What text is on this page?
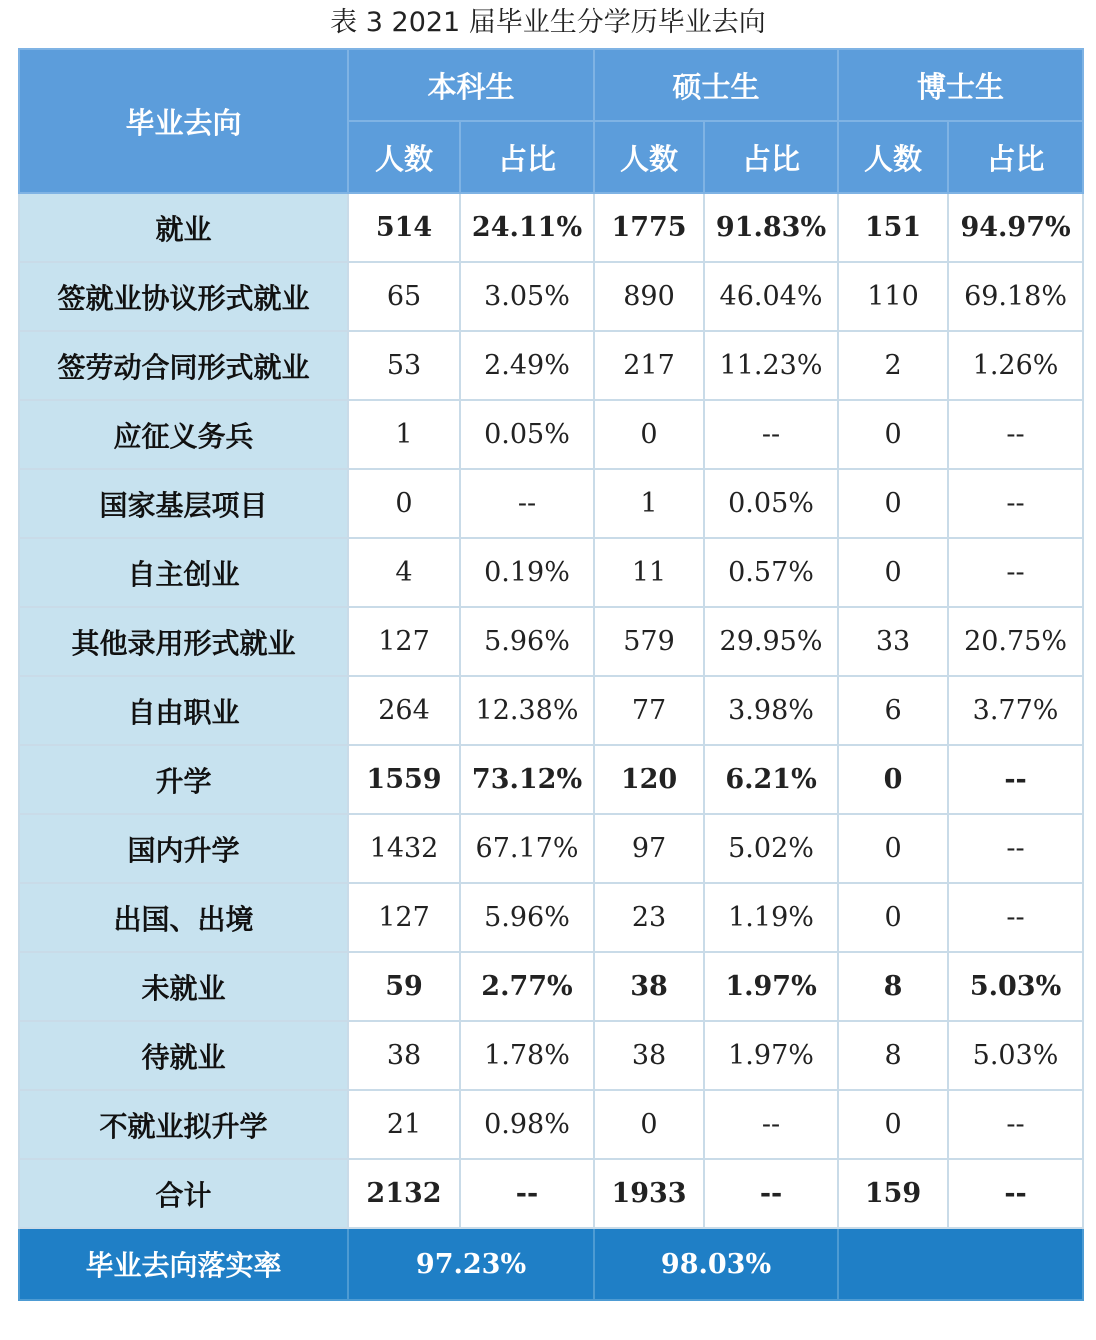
表 3 2021 届毕业生分学历毕业去向
毕业去向	本科生		硕士生		博士生	
	人数	占比	人数	占比	人数	占比
就业	514	24.11%	1775	91.83%	151	94.97%
签就业协议形式就业	65	3.05%	890	46.04%	110	69.18%
签劳动合同形式就业	53	2.49%	217	11.23%	2	1.26%
应征义务兵	1	0.05%	0	--	0	--
国家基层项目	0	--	1	0.05%	0	--
自主创业	4	0.19%	11	0.57%	0	--
其他录用形式就业	127	5.96%	579	29.95%	33	20.75%
自由职业	264	12.38%	77	3.98%	6	3.77%
升学	1559	73.12%	120	6.21%	0	--
国内升学	1432	67.17%	97	5.02%	0	--
出国、出境	127	5.96%	23	1.19%	0	--
未就业	59	2.77%	38	1.97%	8	5.03%
待就业	38	1.78%	38	1.97%	8	5.03%
不就业拟升学	21	0.98%	0	--	0	--
合计	2132	--	1933	--	159	--
毕业去向落实率	97.23%		98.03%			
